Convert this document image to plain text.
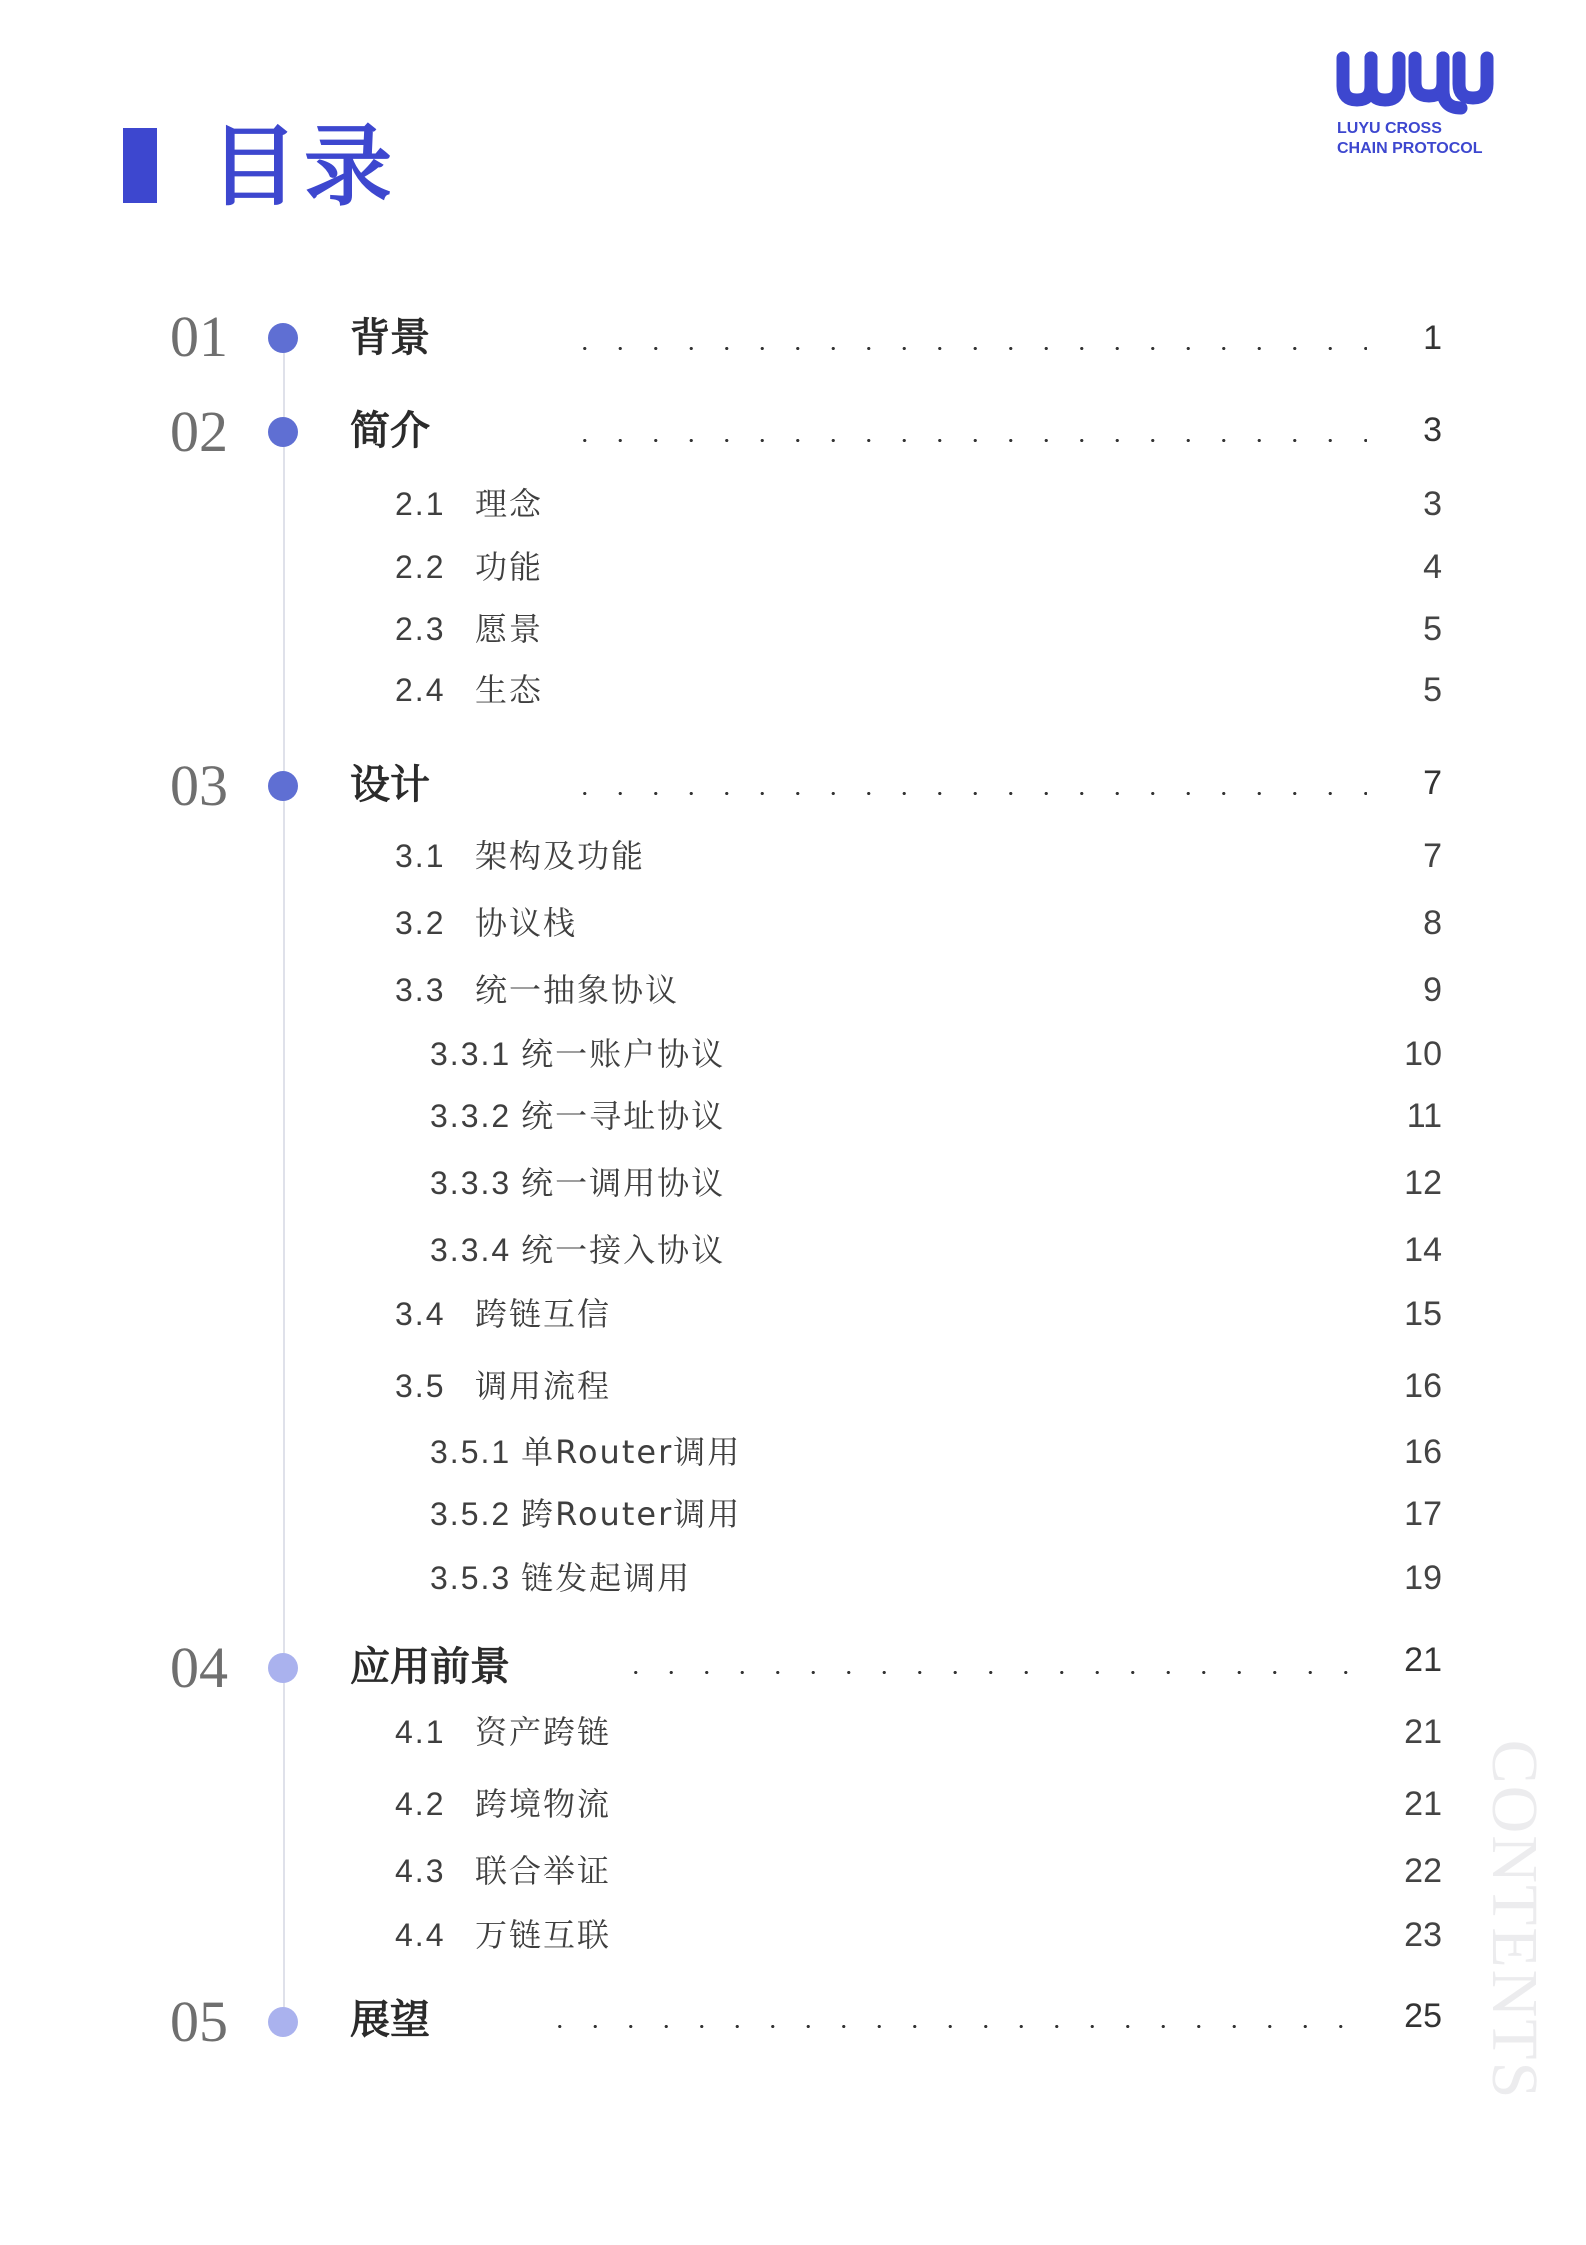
目录	LUYU CROSS
CHAIN PROTOCOL
01	背景	1
02	简介	3
2.1 理念	3
2.2 功能	4
2.3 愿景	5
2.4 生态	5
03	设计	7
3.1 架构及功能	7
3.2 协议栈	8
3.3 统一抽象协议	9
3.3.1 统一账户协议	10
3.3.2 统一寻址协议	11
3.3.3 统一调用协议	12
3.3.4 统一接入协议	14
3.4 跨链互信	15
3.5 调用流程	16
3.5.1 单Router调用	16
3.5.2 跨Router调用	17
3.5.3 链发起调用	19
04	应用前景	21
4.1 资产跨链	21
4.2 跨境物流	21
4.3 联合举证	22
4.4 万链互联	23
05	展望	25 CONTENTS
